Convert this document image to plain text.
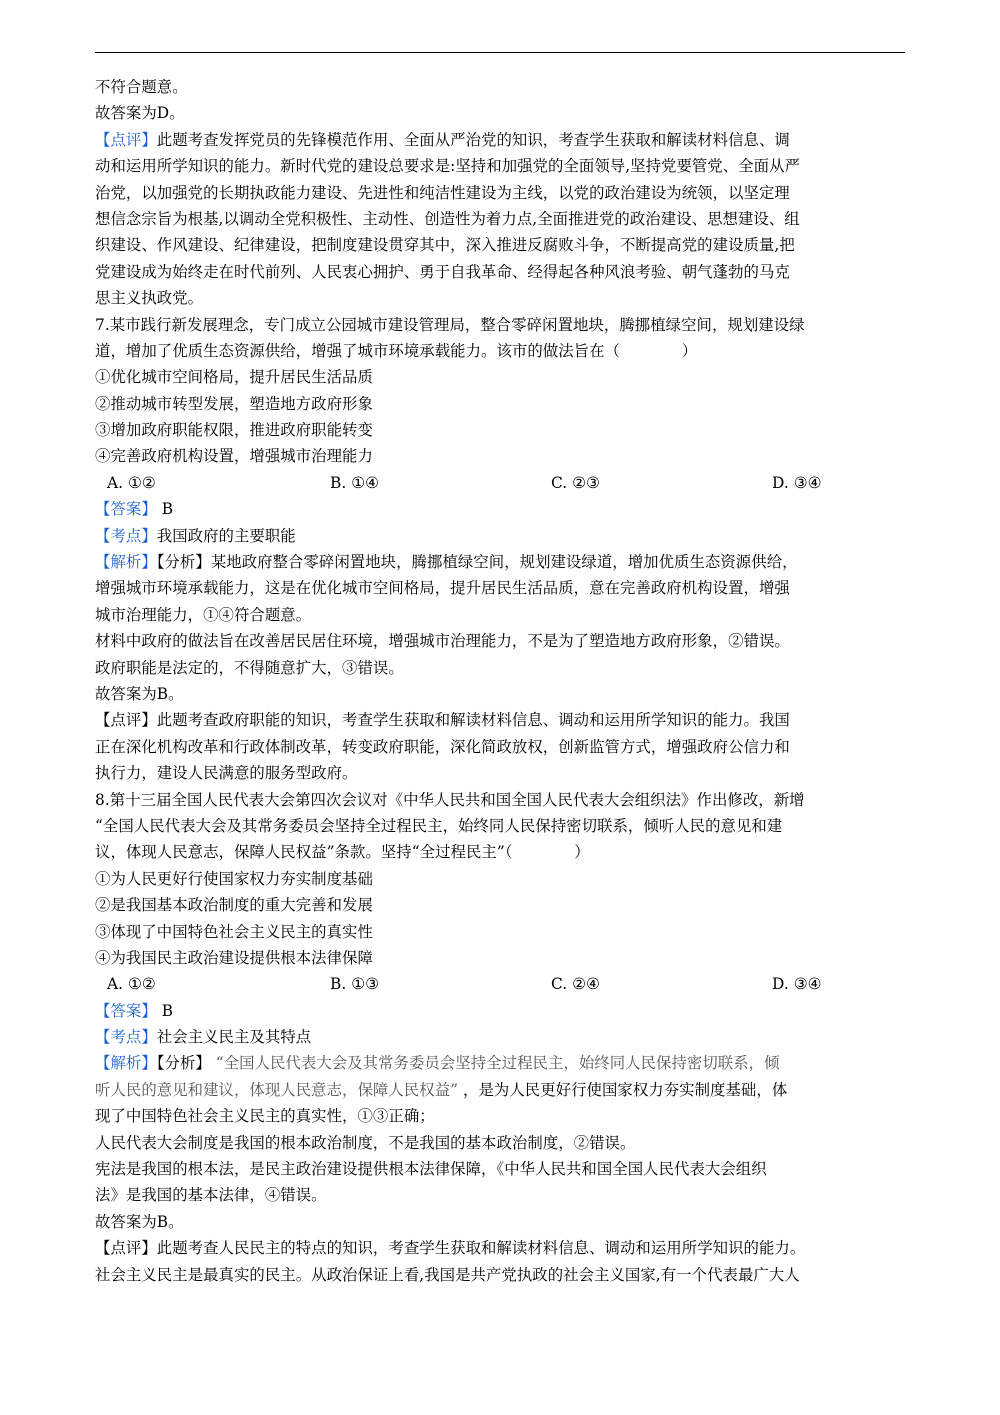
不符合题意。
故答案为D。
【点评】此题考查发挥党员的先锋模范作用、全面从严治党的知识，考查学生获取和解读材料信息、调
动和运用所学知识的能力。新时代党的建设总要求是:坚持和加强党的全面领导,坚持党要管党、全面从严
治党，以加强党的长期执政能力建设、先进性和纯洁性建设为主线，以党的政治建设为统领，以坚定理
想信念宗旨为根基,以调动全党积极性、主动性、创造性为着力点,全面推进党的政治建设、思想建设、组
织建设、作风建设、纪律建设，把制度建设贯穿其中，深入推进反腐败斗争，不断提高党的建设质量,把
党建设成为始终走在时代前列、人民衷心拥护、勇于自我革命、经得起各种风浪考验、朝气蓬勃的马克
思主义执政党。
7.某市践行新发展理念，专门成立公园城市建设管理局，整合零碎闲置地块，腾挪植绿空间，规划建设绿
道，增加了优质生态资源供给，增强了城市环境承载能力。该市的做法旨在（　　　　）
①优化城市空间格局，提升居民生活品质
②推动城市转型发展，塑造地方政府形象
③增加政府职能权限，推进政府职能转变
④完善政府机构设置，增强城市治理能力
A. ①②	B. ①④	C. ②③	D. ③④
【答案】 B
【考点】我国政府的主要职能
【解析】【分析】某地政府整合零碎闲置地块，腾挪植绿空间，规划建设绿道，增加优质生态资源供给，
增强城市环境承载能力，这是在优化城市空间格局，提升居民生活品质，意在完善政府机构设置，增强
城市治理能力，①④符合题意。
材料中政府的做法旨在改善居民居住环境，增强城市治理能力，不是为了塑造地方政府形象，②错误。
政府职能是法定的，不得随意扩大，③错误。
故答案为B。
【点评】此题考查政府职能的知识，考查学生获取和解读材料信息、调动和运用所学知识的能力。我国
正在深化机构改革和行政体制改革，转变政府职能，深化简政放权，创新监管方式，增强政府公信力和
执行力，建设人民满意的服务型政府。
8.第十三届全国人民代表大会第四次会议对《中华人民共和国全国人民代表大会组织法》作出修改，新增
“全国人民代表大会及其常务委员会坚持全过程民主，始终同人民保持密切联系，倾听人民的意见和建
议，体现人民意志，保障人民权益”条款。坚持“全过程民主”（　　　　）
①为人民更好行使国家权力夯实制度基础
②是我国基本政治制度的重大完善和发展
③体现了中国特色社会主义民主的真实性
④为我国民主政治建设提供根本法律保障
A. ①②	B. ①③	C. ②④	D. ③④
【答案】 B
【考点】社会主义民主及其特点
【解析】【分析】 “全国人民代表大会及其常务委员会坚持全过程民主，始终同人民保持密切联系，倾
听人民的意见和建议，体现人民意志，保障人民权益” ，是为人民更好行使国家权力夯实制度基础，体
现了中国特色社会主义民主的真实性，①③正确；
人民代表大会制度是我国的根本政治制度，不是我国的基本政治制度，②错误。
宪法是我国的根本法，是民主政治建设提供根本法律保障，《中华人民共和国全国人民代表大会组织
法》是我国的基本法律，④错误。
故答案为B。
【点评】此题考查人民民主的特点的知识，考查学生获取和解读材料信息、调动和运用所学知识的能力。
社会主义民主是最真实的民主。从政治保证上看,我国是共产党执政的社会主义国家,有一个代表最广大人
